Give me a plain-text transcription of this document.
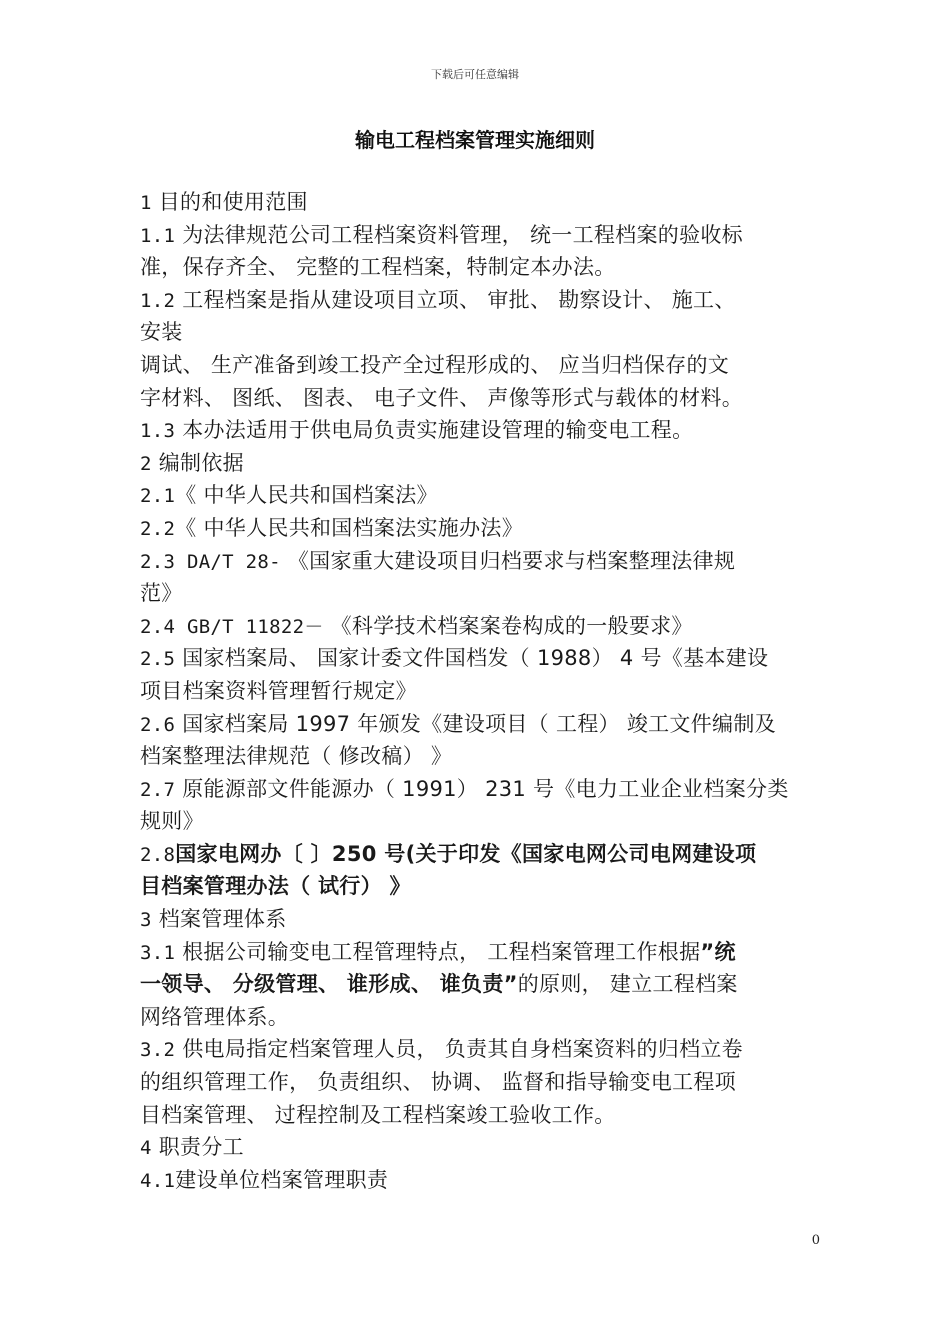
下载后可任意编辑
输电工程档案管理实施细则
1 目的和使用范围
1.1 为法律规范公司工程档案资料管理， 统一工程档案的验收标
准，保存齐全、 完整的工程档案，特制定本办法。
1.2 工程档案是指从建设项目立项、 审批、 勘察设计、 施工、
安装
调试、 生产准备到竣工投产全过程形成的、 应当归档保存的文
字材料、 图纸、 图表、 电子文件、 声像等形式与载体的材料。
1.3 本办法适用于供电局负责实施建设管理的输变电工程。
2 编制依据
2.1《 中华人民共和国档案法》
2.2《 中华人民共和国档案法实施办法》
2.3 DA/T 28- 《国家重大建设项目归档要求与档案整理法律规
范》
2.4 GB/T 11822－ 《科学技术档案案卷构成的一般要求》
2.5 国家档案局、 国家计委文件国档发（ 1988） 4 号《基本建设
项目档案资料管理暂行规定》
2.6 国家档案局 1997 年颁发《建设项目（ 工程） 竣工文件编制及
档案整理法律规范（ 修改稿） 》
2.7 原能源部文件能源办（ 1991） 231 号《电力工业企业档案分类
规则》
2.8国家电网办〔 〕250 号(关于印发《国家电网公司电网建设项
目档案管理办法（ 试行） 》
3 档案管理体系
3.1 根据公司输变电工程管理特点， 工程档案管理工作根据”统
一领导、 分级管理、 谁形成、 谁负责”的原则， 建立工程档案
网络管理体系。
3.2 供电局指定档案管理人员， 负责其自身档案资料的归档立卷
的组织管理工作， 负责组织、 协调、 监督和指导输变电工程项
目档案管理、 过程控制及工程档案竣工验收工作。
4 职责分工
4.1建设单位档案管理职责
0
